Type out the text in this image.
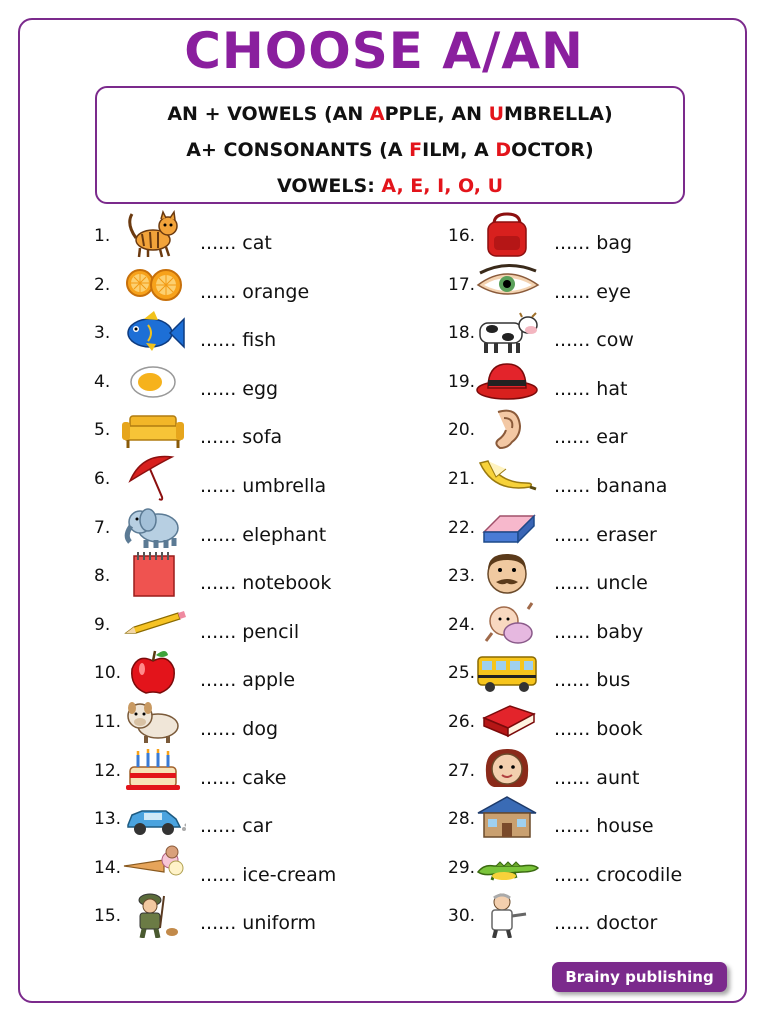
CHOOSE A/AN
AN + VOWELS (AN APPLE, AN UMBRELLA)
A+ CONSONANTS (A FILM, A DOCTOR)
VOWELS: A, E, I, O, U
1.	...... cat
2.	...... orange
3.	...... fish
4.	...... egg
5.	...... sofa
6.	...... umbrella
7.	...... elephant
8.	...... notebook
9.	...... pencil
10.	...... apple
11.	...... dog
12.	...... cake
13.	...... car
14.	...... ice-cream
15.	...... uniform
16.	...... bag
17.	...... eye
18.	...... cow
19.	...... hat
20.	...... ear
21.	...... banana
22.	...... eraser
23.	...... uncle
24.	...... baby
25.	...... bus
26.	...... book
27.	...... aunt
28.	...... house
29.	...... crocodile
30.	...... doctor
Brainy publishing
